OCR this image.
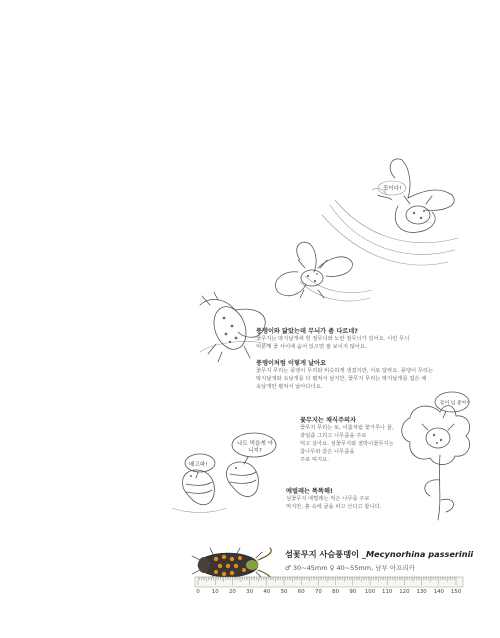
꽃이다!
풍뎅이와 닮았는데 무늬가 좀 다르네?
꽃무지는 딱지날개에 흰 점무늬와 노란 점무늬가 있어요. 이런 무늬
덕분에 꽃 사이에 숨어 있으면 잘 보이지 않아요.
풍뎅이처럼 이렇게 날아요
꽃무지 무리는 풍뎅이 무리와 비슷하게 생겼지만, 서로 달라요. 풍뎅이 무리는
딱지날개와 속날개를 다 펼쳐서 날지만, 꽃무지 무리는 딱지날개를 접은 채
속날개만 펼쳐서 날아다녀요.
꽃무지는 채식주의자
꽃무지 무리는 또, 이름처럼 꽃가루나 꿀,
과일즙 그리고 나무즙을 주로
먹고 살아요. 섬꽃무지와 점박이꽃무지는
참나무와 같은 나무즙을
주로 먹지요.
꽃이 넘 좋아~
배고파!
나도 먹을게 아니지?
애벌레는 똑똑해!
섬꽃무지 애벌레는 썩은 나무를 주로
먹지만, 흙 속에 굴을 파고 산다고 합니다.
섬꽃무지 사슴풍뎅이 _Mecynorhina passerinii
♂ 30~45mm ♀ 40~55mm, 남부 아프리카
0 10 20 30 40 50 60 70 80 90 100 110 120 130 140 150
